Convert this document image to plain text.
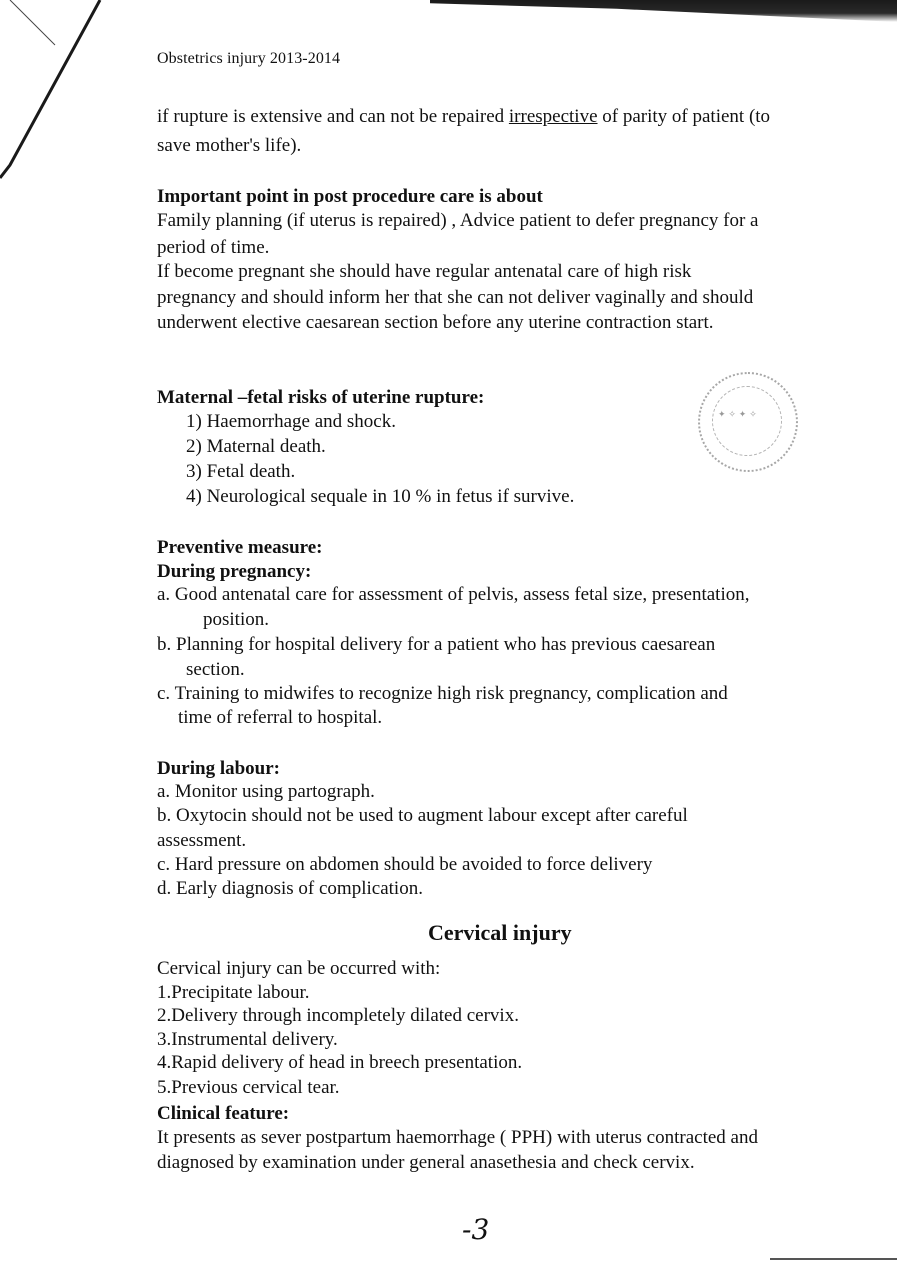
Obstetrics injury 2013-2014
if rupture is extensive and can not be repaired irrespective of parity of patient (to
save mother's life).
Important point in post procedure care is about
Family planning (if uterus is repaired) , Advice patient to defer pregnancy for a
period of time.
If become pregnant she should have regular antenatal care of high risk
pregnancy and should inform her that she can not deliver vaginally and should
underwent elective caesarean section before any uterine contraction start.
Maternal –fetal risks of uterine rupture:
1) Haemorrhage and shock.
2) Maternal death.
3) Fetal death.
4) Neurological sequale in 10 % in fetus if survive.
✦ ✧ ✦ ✧
Preventive measure:
During pregnancy:
a. Good antenatal care for assessment of pelvis, assess fetal size, presentation,
position.
b. Planning for hospital delivery for a patient who has previous caesarean
section.
c. Training to midwifes to recognize high risk pregnancy, complication and
time of referral to hospital.
During labour:
a. Monitor using partograph.
b. Oxytocin should not be used to augment labour except after careful
assessment.
c. Hard pressure on abdomen should be avoided to force delivery
d. Early diagnosis of complication.
Cervical injury
Cervical injury can be occurred with:
1.Precipitate labour.
2.Delivery through incompletely dilated cervix.
3.Instrumental delivery.
4.Rapid delivery of head in breech presentation.
5.Previous cervical tear.
Clinical feature:
It presents as sever postpartum haemorrhage ( PPH) with uterus contracted and
diagnosed by examination under general anasethesia and check cervix.
-3
